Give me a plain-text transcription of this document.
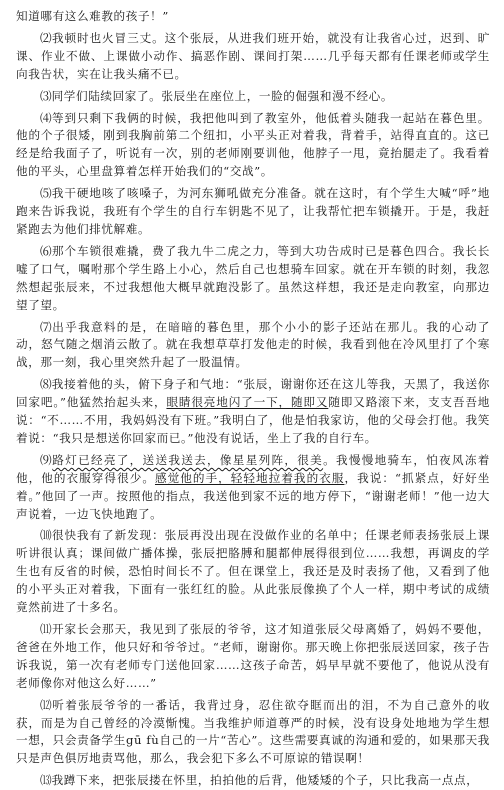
知道哪有这么难教的孩子！”

⑵我顿时也火冒三丈。这个张辰，从进我们班开始，就没有让我省心过，迟到、旷课、作业不做、上课做小动作、搞恶作剧、课间打架……几乎每天都有任课老师或学生向我告状，实在让我头痛不已。

⑶同学们陆续回家了。张辰坐在座位上，一脸的倔强和漫不经心。

⑷等到只剩下我俩的时候，我把他叫到了教室外，他低着头随我一起站在暮色里。他的个子很矮，刚到我胸前第二个纽扣，小平头正对着我，背着手，站得直直的。这已经是给我面子了，听说有一次，别的老师刚要训他，他脖子一甩，竟抬腿走了。我看着他的平头，心里盘算着怎样开始我们的“交战”。

⑸我干硬地咳了咳嗓子，为河东狮吼做充分准备。就在这时，有个学生大喊“呼”地跑来告诉我说，我班有个学生的自行车钥匙不见了，让我帮忙把车锁撬开。于是，我赶紧跑去为他们排忧解难。

⑹那个车锁很难撬，费了我九牛二虎之力，等到大功告成时已是暮色四合。我长长嘘了口气，嘱咐那个学生路上小心，然后自己也想骑车回家。就在开车锁的时刻，我忽然想起张辰来，不过我想他大概早就跑没影了。虽然这样想，我还是走向教室，向那边望了望。

⑺出乎我意料的是，在暗暗的暮色里，那个小小的影子还站在那儿。我的心动了动，怒气随之烟消云散了。就在我想草草打发他走的时候，我看到他在冷风里打了个寒战，那一刻，我心里突然升起了一股温情。

⑻我接着他的头，俯下身子和气地：“张辰，谢谢你还在这儿等我，天黑了，我送你回家吧。”他猛然抬起头来，眼睛很亮地闪了一下，随即又随即又路滚下来，支支吾吾地说：“不……不用，我妈妈没有下班。”我明白了，他是怕我家访，他的父母会打他。我笑着说：“我只是想送你回家而已。”他没有说话，坐上了我的自行车。

⑼路灯已经亮了，送送我送去，像星星列阵，很美。我慢慢地骑车，怕夜风冻着他，他的衣服穿得很少。感觉他的手，轻轻地拉着我的衣服，我说：“抓紧点，好好坐着。”他回了一声。按照他的指点，我送他到家不远的地方停下，“谢谢老师！”他一边大声说着，一边飞快地跑了。

⑽很快我有了新发现：张辰再没出现在没做作业的名单中；任课老师表扬张辰上课听讲很认真；课间做广播体操，张辰把胳膊和腿都伸展得很到位……我想，再调皮的学生也有反省的时候，恐怕时间长不了。但在课堂上，我还是及时表扬了他，又看到了他的小平头正对着我，下面有一张红红的脸。从此张辰像换了个人一样，期中考试的成绩竟然前进了十多名。

⑾开家长会那天，我见到了张辰的爷爷，这才知道张辰父母离婚了，妈妈不要他，爸爸在外地工作，他只好和爷爷过。“老师，谢谢你。那天晚上你把张辰送回家，孩子告诉我说，第一次有老师专门送他回家……这孩子命苦，妈早早就不要他了，他说从没有老师像你对他这么好……”

⑿听着张辰爷爷的一番话，我背过身，忍住欲夺眶而出的泪，不为自己意外的收获，而是为自己曾经的冷漠惭愧。当我维护师道尊严的时候，没有设身处地地为学生想一想，只会责备学生gū fù自己的一片“苦心”。这些需要真诚的沟通和爱的，如果那天我只是声色俱厉地责骂他，那么，我会犯下多么不可原谅的错误啊！

⒀我蹲下来，把张辰搂在怀里，拍拍他的后背，他矮矮的个子，只比我高一点点，
